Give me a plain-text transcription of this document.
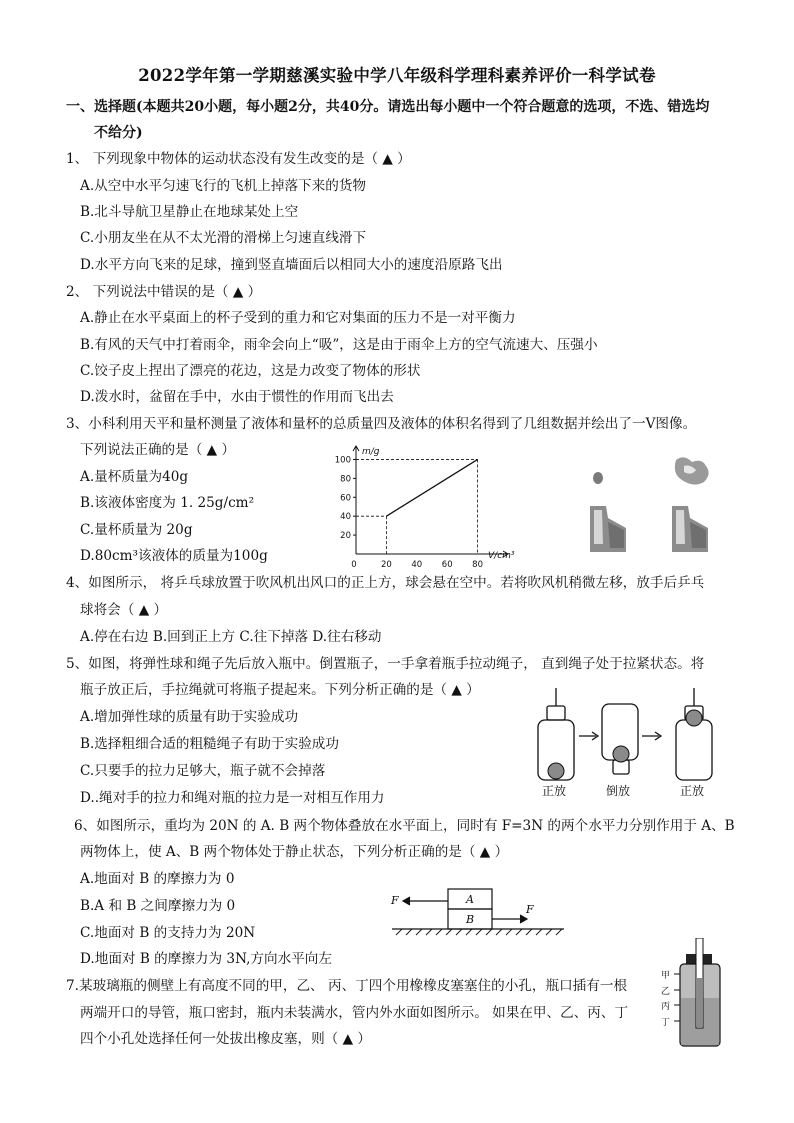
2022学年第一学期慈溪实验中学八年级科学理科素养评价一科学试卷
一、选择题(本题共20小题，每小题2分，共40分。请选出每小题中一个符合题意的选项，不选、错选均
不给分)
1、 下列现象中物体的运动状态没有发生改变的是（ ▲ ）
A.从空中水平匀速飞行的飞机上掉落下来的货物
B.北斗导航卫星静止在地球某处上空
C.小朋友坐在从不太光滑的滑梯上匀速直线滑下
D.水平方向飞来的足球，撞到竖直墙面后以相同大小的速度沿原路飞出
2、 下列说法中错误的是（ ▲ ）
A.静止在水平桌面上的杯子受到的重力和它对集面的压力不是一对平衡力
B.有风的天气中打着雨伞，雨伞会向上“吸”，这是由于雨伞上方的空气流速大、压强小
C.饺子皮上捏出了漂亮的花边，这是力改变了物体的形状
D.泼水时，盆留在手中，水由于惯性的作用而飞出去
3、小科利用天平和量杯测量了液体和量杯的总质量四及液体的体积名得到了几组数据并绘出了一V图像。
下列说法正确的是（ ▲ ）
A.量杯质量为40g
B.该液体密度为 1. 25g/cm²
C.量杯质量为 20g
D.80cm³该液体的质量为100g
m/g
V/cm³
20
40
60
80
100
0	20 40 60 80
4、如图所示， 将乒乓球放置于吹风机出风口的正上方，球会悬在空中。若将吹风机稍微左移，放手后乒乓
球将会（ ▲ ）
A.停在右边 B.回到正上方 C.往下掉落 D.往右移动
5、如图，将弹性球和绳子先后放入瓶中。倒置瓶子，一手拿着瓶手拉动绳子， 直到绳子处于拉紧状态。将
瓶子放正后，手拉绳就可将瓶子提起来。下列分析正确的是（ ▲ ）
A.增加弹性球的质量有助于实验成功
B.选择粗细合适的粗糙绳子有助于实验成功
C.只要手的拉力足够大，瓶子就不会掉落
D..绳对手的拉力和绳对瓶的拉力是一对相互作用力	正放	倒放	正放
6、如图所示，重均为 20N 的 A. B 两个物体叠放在水平面上，同时有 F=3N 的两个水平力分别作用于 A、B
两物体上，使 A、B 两个物体处于静止状态，下列分析正确的是（ ▲ ）
A.地面对 B 的摩擦力为 0
B.A 和 B 之间摩擦力为 0
C.地面对 B 的支持力为 20N
D.地面对 B 的摩擦力为 3N,方向水平向左
F
F
A
B
7.某玻璃瓶的侧壁上有高度不同的甲，乙、 丙、丁四个用橡橡皮塞塞住的小孔，瓶口插有一根
两端开口的导管，瓶口密封，瓶内未装满水，管内外水面如图所示。 如果在甲、乙、丙、丁
四个小孔处选择任何一处拔出橡皮塞，则（ ▲ ）
甲
乙
丙
丁
